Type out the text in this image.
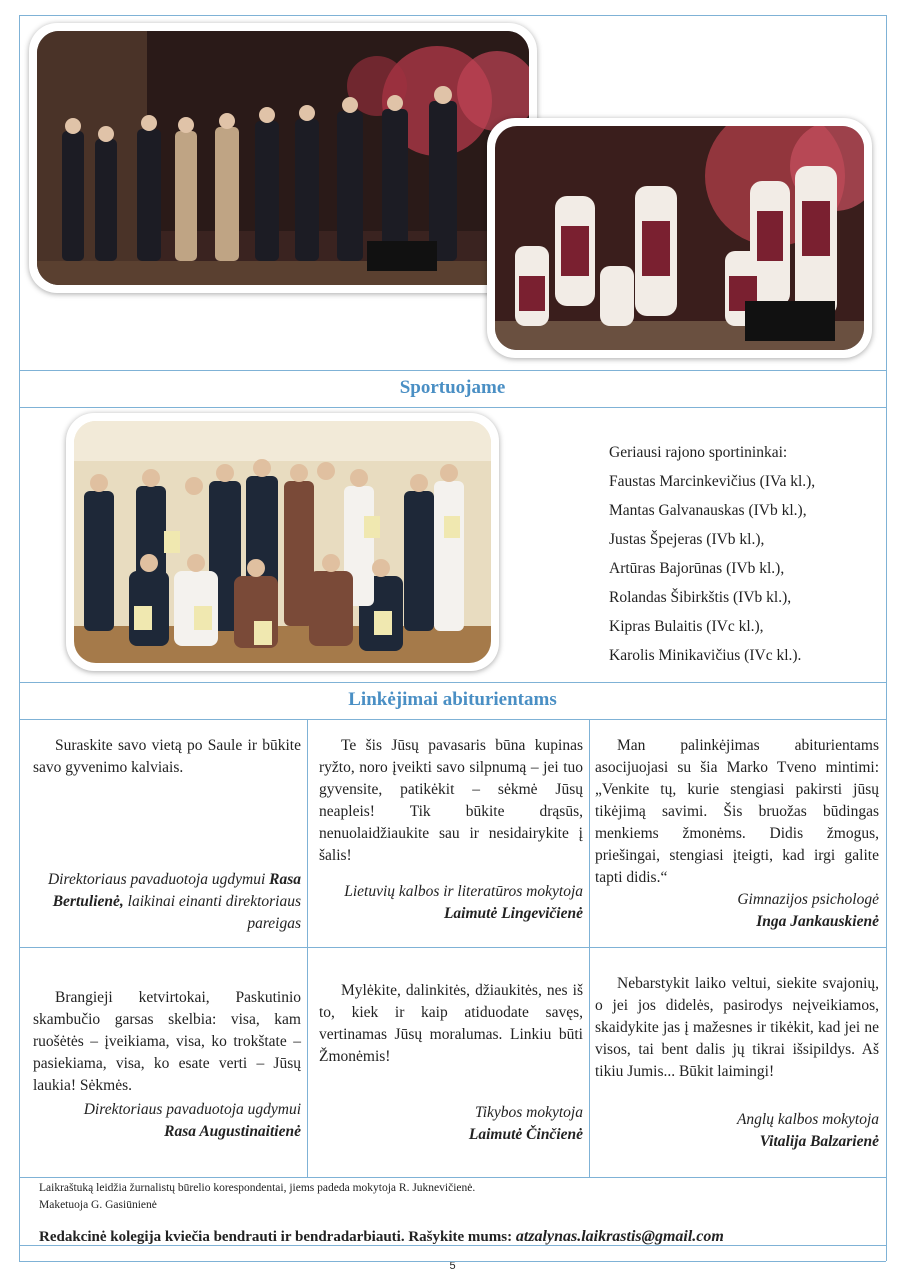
Sportuojame
Geriausi rajono sportininkai:
Faustas Marcinkevičius (IVa kl.),
Mantas Galvanauskas (IVb kl.),
Justas Špejeras (IVb kl.),
Artūras Bajorūnas (IVb kl.),
Rolandas Šibirkštis (IVb kl.),
Kipras Bulaitis (IVc kl.),
Karolis Minikavičius (IVc kl.).
Linkėjimai abiturientams
Suraskite savo vietą po Saule ir būkite savo gyvenimo kalviais.
Direktoriaus pavaduotoja ugdymui Rasa Bertulienė, laikinai einanti direktoriaus pareigas
Te šis Jūsų pavasaris būna kupinas ryžto, noro įveikti savo silpnumą – jei tuo gyvensite, patikėkit – sėkmė Jūsų neapleis! Tik būkite drąsūs, nenuolaidžiaukite sau ir nesidairykite į šalis!
Lietuvių kalbos ir literatūros mokytoja
Laimutė Lingevičienė
Man palinkėjimas abiturientams asocijuojasi su šia Marko Tveno mintimi: „Venkite tų, kurie stengiasi pakirsti jūsų tikėjimą savimi. Šis bruožas būdingas menkiems žmonėms. Didis žmogus, priešingai, stengiasi įteigti, kad irgi galite tapti didis.“
Gimnazijos psichologė
Inga Jankauskienė
Brangieji ketvirtokai, Paskutinio skambučio garsas skelbia: visa, kam ruošėtės – įveikiama, visa, ko trokštate – pasiekiama, visa, ko esate verti – Jūsų laukia! Sėkmės.
Direktoriaus pavaduotoja ugdymui
Rasa Augustinaitienė
Mylėkite, dalinkitės, džiaukitės, nes iš to, kiek ir kaip atiduodate savęs, vertinamas Jūsų moralumas. Linkiu būti Žmonėmis!
Tikybos mokytoja
Laimutė Činčienė
Nebarstykit laiko veltui, siekite svajonių, o jei jos didelės, pasirodys neįveikiamos, skaidykite jas į mažesnes ir tikėkit, kad jei ne visos, tai bent dalis jų tikrai išsipildys. Aš tikiu Jumis... Būkit laimingi!
Anglų kalbos mokytoja
Vitalija Balzarienė
Laikraštuką leidžia žurnalistų būrelio korespondentai, jiems padeda mokytoja R. Juknevičienė.
Maketuoja G. Gasiūnienė
Redakcinė kolegija kviečia bendrauti ir bendradarbiauti. Rašykite mums: atzalynas.laikrastis@gmail.com
5
